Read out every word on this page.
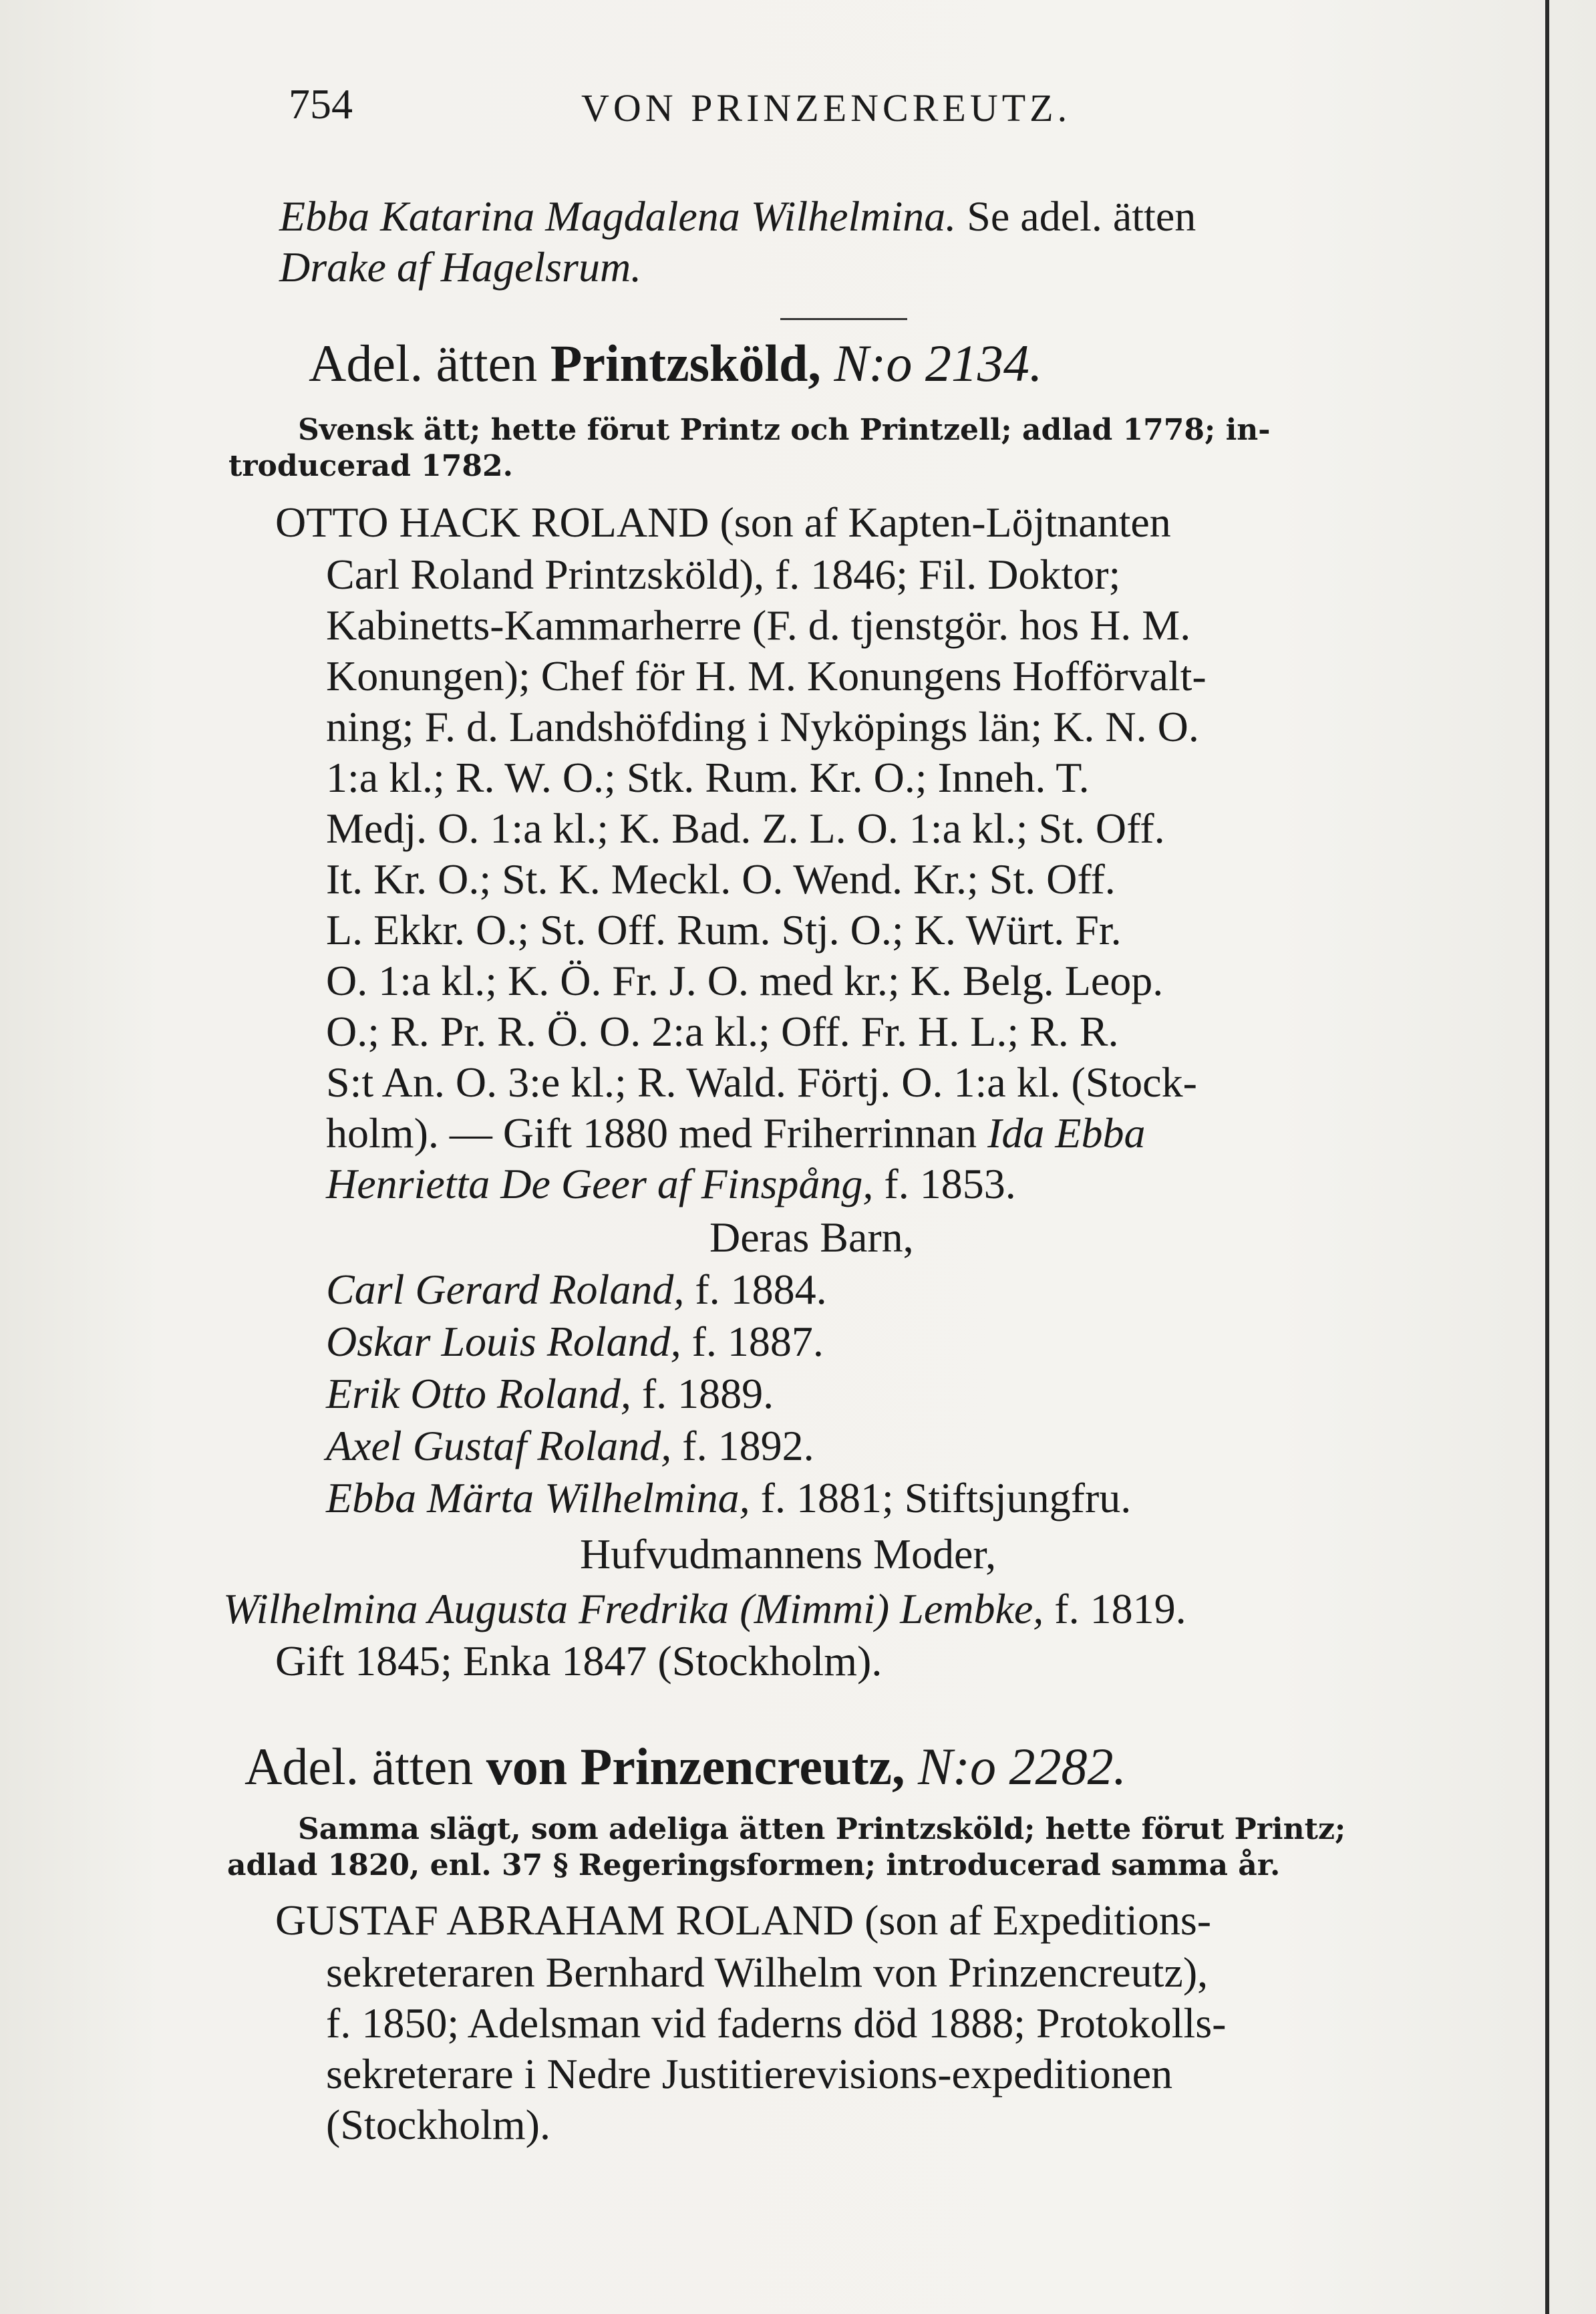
754	VON PRINZENCREUTZ.
Ebba Katarina Magdalena Wilhelmina. Se adel. ätten
Drake af Hagelsrum.
Adel. ätten Printzsköld, N:o 2134.
Svensk ätt; hette förut Printz och Printzell; adlad 1778; in-
troducerad 1782.
OTTO HACK ROLAND (son af Kapten-Löjtnanten
Carl Roland Printzsköld), f. 1846; Fil. Doktor;
Kabinetts-Kammarherre (F. d. tjenstgör. hos H. M.
Konungen); Chef för H. M. Konungens Hofförvalt-
ning; F. d. Landshöfding i Nyköpings län; K. N. O.
1:a kl.; R. W. O.; Stk. Rum. Kr. O.; Inneh. T.
Medj. O. 1:a kl.; K. Bad. Z. L. O. 1:a kl.; St. Off.
It. Kr. O.; St. K. Meckl. O. Wend. Kr.; St. Off.
L. Ekkr. O.; St. Off. Rum. Stj. O.; K. Würt. Fr.
O. 1:a kl.; K. Ö. Fr. J. O. med kr.; K. Belg. Leop.
O.; R. Pr. R. Ö. O. 2:a kl.; Off. Fr. H. L.; R. R.
S:t An. O. 3:e kl.; R. Wald. Förtj. O. 1:a kl. (Stock-
holm). — Gift 1880 med Friherrinnan Ida Ebba
Henrietta De Geer af Finspång, f. 1853.
Deras Barn,
Carl Gerard Roland, f. 1884.
Oskar Louis Roland, f. 1887.
Erik Otto Roland, f. 1889.
Axel Gustaf Roland, f. 1892.
Ebba Märta Wilhelmina, f. 1881; Stiftsjungfru.
Hufvudmannens Moder,
Wilhelmina Augusta Fredrika (Mimmi) Lembke, f. 1819.
Gift 1845; Enka 1847 (Stockholm).
Adel. ätten von Prinzencreutz, N:o 2282.
Samma slägt, som adeliga ätten Printzsköld; hette förut Printz;
adlad 1820, enl. 37 § Regeringsformen; introducerad samma år.
GUSTAF ABRAHAM ROLAND (son af Expeditions-
sekreteraren Bernhard Wilhelm von Prinzencreutz),
f. 1850; Adelsman vid faderns död 1888; Protokolls-
sekreterare i Nedre Justitierevisions-expeditionen
(Stockholm).
